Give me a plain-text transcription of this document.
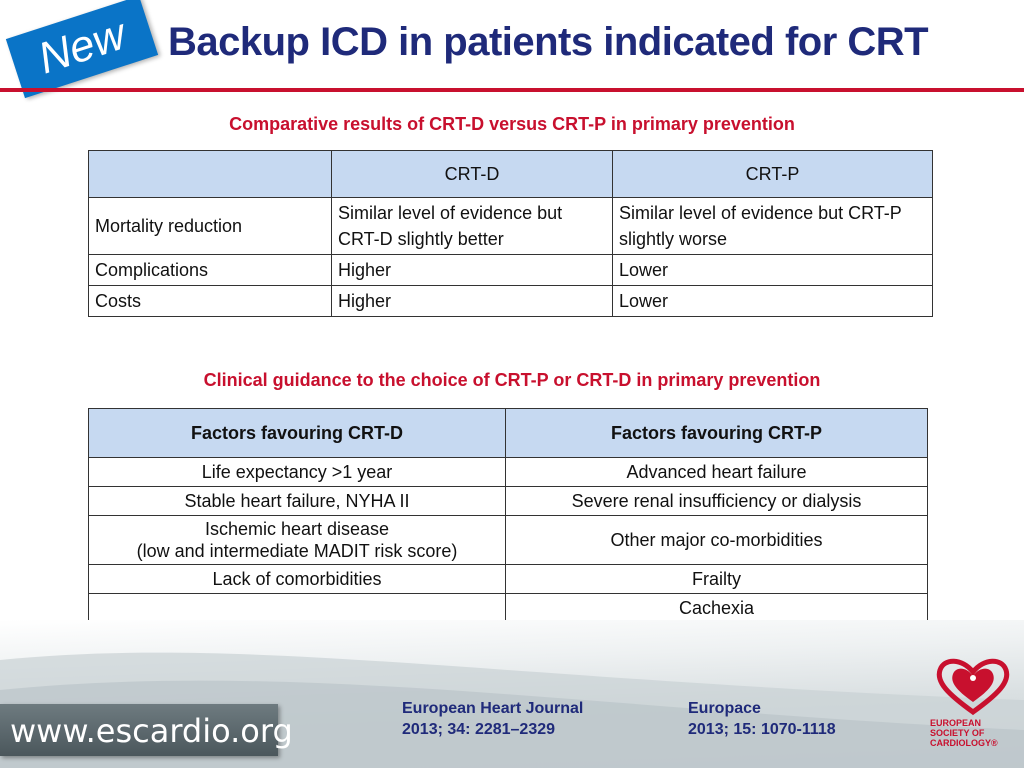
New Backup ICD in patients indicated for CRT
Comparative results of CRT-D versus CRT-P in primary prevention
	CRT-D	CRT-P
Mortality reduction	Similar level of evidence but CRT-D slightly better	Similar level of evidence but CRT-P slightly worse
Complications	Higher	Lower
Costs	Higher	Lower
Clinical guidance to the choice of CRT-P or CRT-D in primary prevention
Factors favouring CRT-D	Factors favouring CRT-P
Life expectancy >1 year	Advanced heart failure
Stable heart failure, NYHA II	Severe renal insufficiency or dialysis

Ischemic heart disease
(low and intermediate MADIT risk score)	Other major co-morbidities
Lack of comorbidities	Frailty
	Cachexia
www.escardio.org
European Heart Journal
2013; 34: 2281–2329
Europace
2013; 15: 1070-1118	EUROPEAN
SOCIETY OF
CARDIOLOGY®
